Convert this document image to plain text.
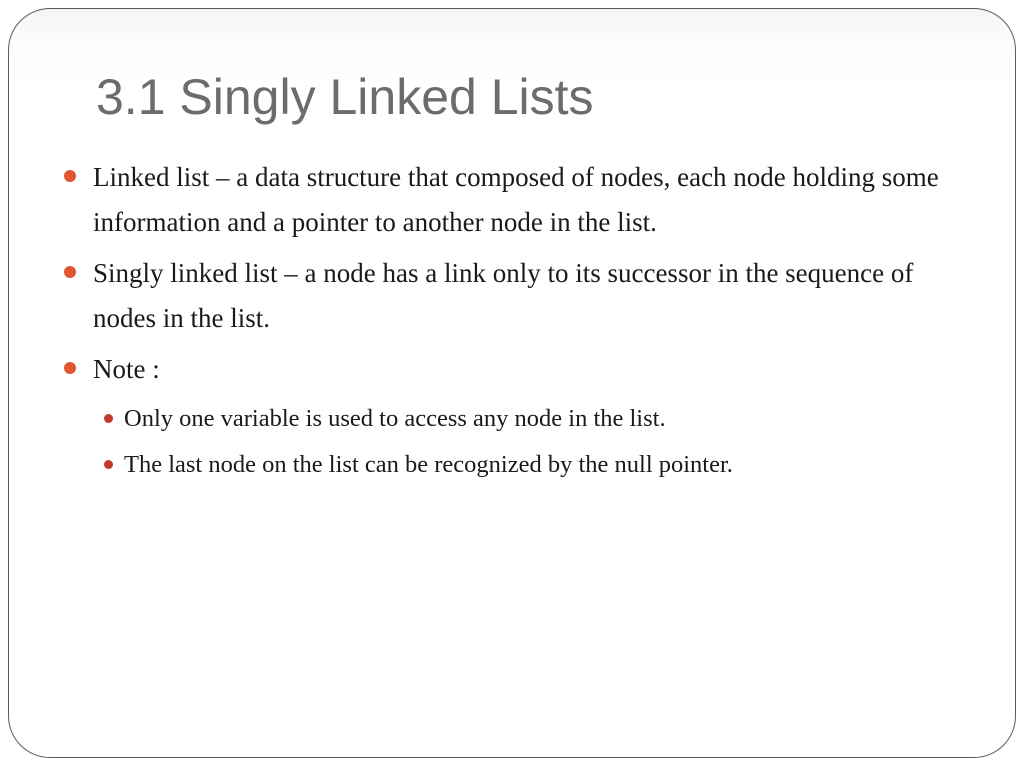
3.1 Singly Linked Lists
Linked list – a data structure that composed of nodes, each node holding some information and a pointer to another node in the list.
Singly linked list – a node has a link only to its successor in the sequence of nodes in the list.
Note :
Only one variable is used to access any node in the list.
The last node on the list can be recognized by the null pointer.
